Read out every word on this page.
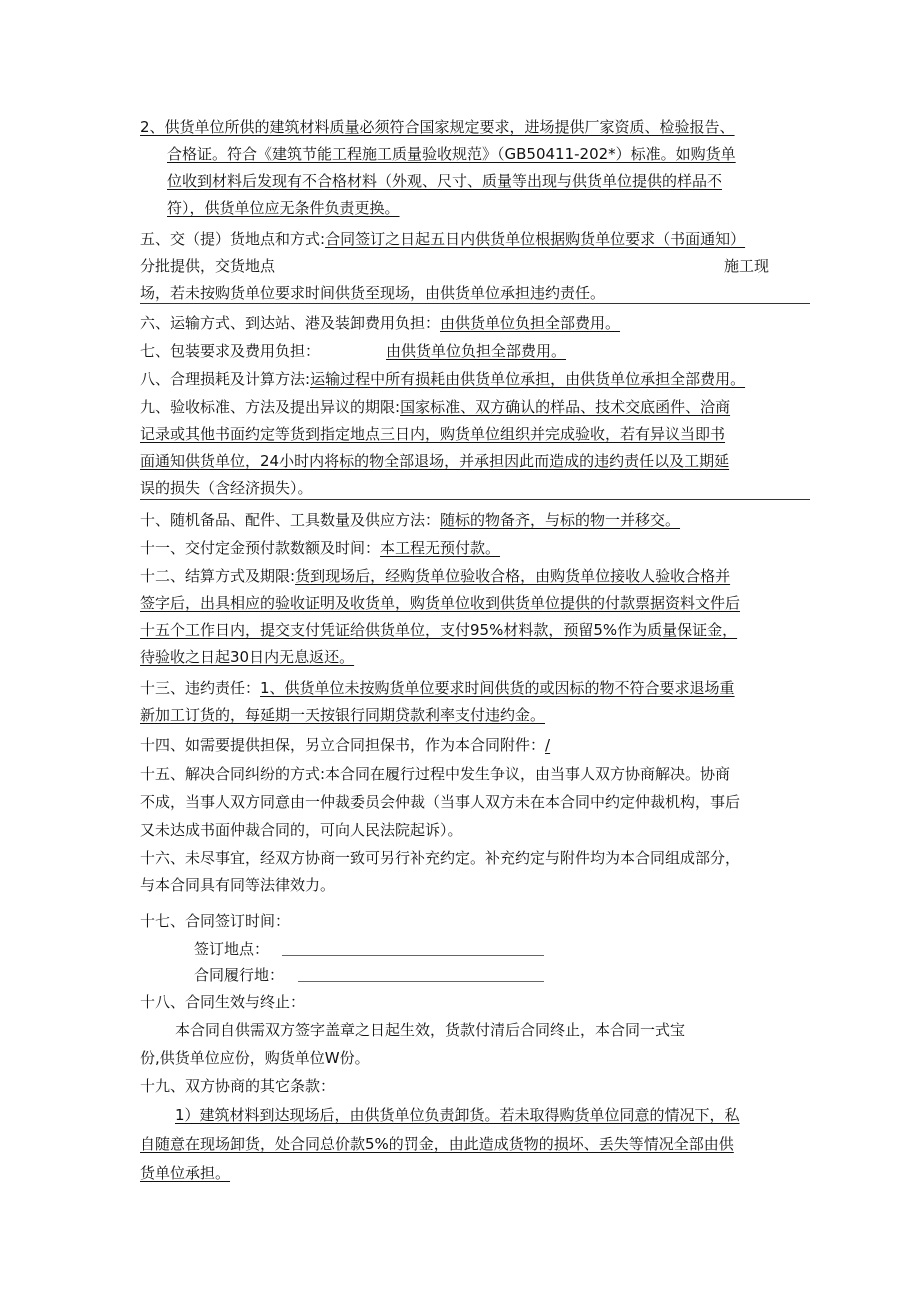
2、供货单位所供的建筑材料质量必须符合国家规定要求，进场提供厂家资质、检验报告、
合格证。符合《建筑节能工程施工质量验收规范》（GB50411-202*）标准。如购货单
位收到材料后发现有不合格材料（外观、尺寸、质量等出现与供货单位提供的样品不
符），供货单位应无条件负责更换。
五、交（提）货地点和方式:合同签订之日起五日内供货单位根据购货单位要求（书面通知）
分批提供，交货地点	施工现
场，若未按购货单位要求时间供货至现场，由供货单位承担违约责任。
六、运输方式、到达站、港及装卸费用负担：由供货单位负担全部费用。
七、包装要求及费用负担：	由供货单位负担全部费用。
八、合理损耗及计算方法:运输过程中所有损耗由供货单位承担，由供货单位承担全部费用。
九、验收标准、方法及提出异议的期限:国家标准、双方确认的样品、技术交底函件、洽商
记录或其他书面约定等货到指定地点三日内，购货单位组织并完成验收，若有异议当即书
面通知供货单位，24小时内将标的物全部退场，并承担因此而造成的违约责任以及工期延
误的损失（含经济损失）。
十、随机备品、配件、工具数量及供应方法：随标的物备齐，与标的物一并移交。
十一、交付定金预付款数额及时间：本工程无预付款。
十二、结算方式及期限:货到现场后，经购货单位验收合格，由购货单位接收人验收合格并
签字后，出具相应的验收证明及收货单，购货单位收到供货单位提供的付款票据资料文件后
十五个工作日内，提交支付凭证给供货单位，支付95%材料款，预留5%作为质量保证金，
待验收之日起30日内无息返还。
十三、违约责任：1、供货单位未按购货单位要求时间供货的或因标的物不符合要求退场重
新加工订货的，每延期一天按银行同期贷款利率支付违约金。
十四、如需要提供担保，另立合同担保书，作为本合同附件：/
十五、解决合同纠纷的方式:本合同在履行过程中发生争议，由当事人双方协商解决。协商
不成，当事人双方同意由一仲裁委员会仲裁（当事人双方未在本合同中约定仲裁机构，事后
又未达成书面仲裁合同的，可向人民法院起诉）。
十六、未尽事宜，经双方协商一致可另行补充约定。补充约定与附件均为本合同组成部分，
与本合同具有同等法律效力。
十七、合同签订时间：
签订地点：
合同履行地：
十八、合同生效与终止：
本合同自供需双方签字盖章之日起生效，货款付清后合同终止，本合同一式宝
份,供货单位应份，购货单位W份。
十九、双方协商的其它条款：
1）建筑材料到达现场后，由供货单位负责卸货。若未取得购货单位同意的情况下，私
自随意在现场卸货，处合同总价款5%的罚金，由此造成货物的损坏、丢失等情况全部由供
货单位承担。
